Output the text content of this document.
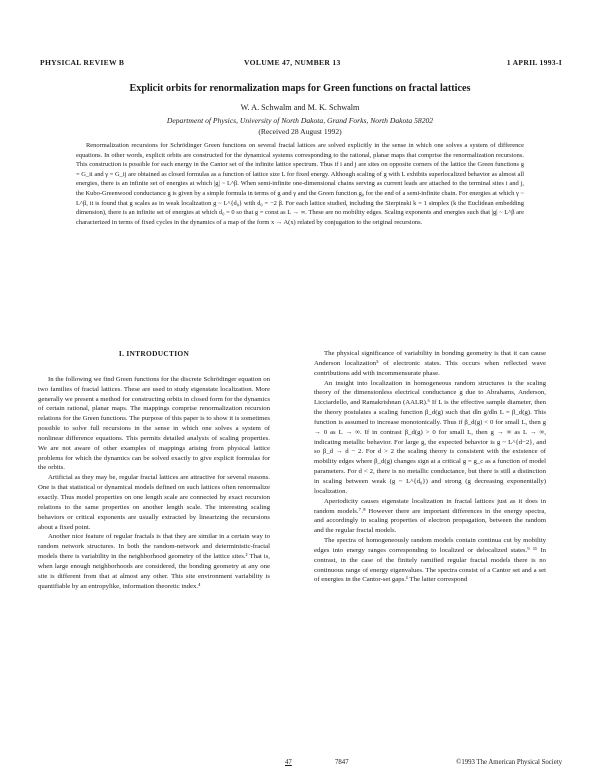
PHYSICAL REVIEW B	VOLUME 47, NUMBER 13	1 APRIL 1993-I
Explicit orbits for renormalization maps for Green functions on fractal lattices
W. A. Schwalm and M. K. Schwalm
Department of Physics, University of North Dakota, Grand Forks, North Dakota 58202
(Received 28 August 1992)
Renormalization recursions for Schrödinger Green functions on several fractal lattices are solved explicitly in the sense in which one solves a system of difference equations. In other words, explicit orbits are constructed for the dynamical systems corresponding to the rational, planar maps that comprise the renormalization recursions. This construction is possible for each energy in the Cantor set of the infinite lattice spectrum. Thus if i and j are sites on opposite corners of the lattice the Green functions g = G_ii and γ = G_ij are obtained as closed formulas as a function of lattice size L for fixed energy. Although scaling of g with L exhibits superlocalized behavior as almost all energies, there is an infinite set of energies at which |g| ~ L^β. When semi-infinite one-dimensional chains serving as current leads are attached to the terminal sites i and j, the Kubo-Greenwood conductance g is given by a simple formula in terms of g and γ and the Green function g₀ for the end of a semi-infinite chain. For energies at which γ ~ L^β, it is found that g scales as in weak localization g ~ L^{d₀} with d₀ = −2 β. For each lattice studied, including the Sierpinski k = 1 simplex (k the Euclidean embedding dimension), there is an infinite set of energies at which d₀ = 0 so that g = const as L → ∞. These are no mobility edges. Scaling exponents and energies such that |g| ~ L^β are characterized in terms of fixed cycles in the dynamics of a map of the form x → A(x) related by conjugation to the original recursions.

I. INTRODUCTION

In the following we find Green functions for the discrete Schrödinger equation on two families of fractal lattices. These are used to study eigenstate localization. More generally we present a method for constructing orbits in closed form for the dynamics of certain rational, planar maps. The mappings comprise renormalization recursion relations for the Green functions. The purpose of this paper is to show it is sometimes possible to solve full recursions in the sense in which one solves a system of nonlinear difference equations. This permits detailed analysis of scaling properties. We are not aware of other examples of mappings arising from physical lattice problems for which the dynamics can be solved exactly to give explicit formulas for the orbits.

Artificial as they may be, regular fractal lattices are attractive for several reasons. One is that statistical or dynamical models defined on such lattices often renormalize exactly. Thus model properties on one length scale are connected by exact recursion relations to the same properties on another length scale. The interesting scaling behaviors or critical exponents are usually extracted by linearizing the recursions about a fixed point.

Another nice feature of regular fractals is that they are similar in a certain way to random network structures. In both the random-network and deterministic-fractal models there is variability in the neighborhood geometry of the lattice sites.² That is, when large enough neighborhoods are considered, the bonding geometry at any one site is different from that at almost any other. This site environment variability is quantifiable by an entropylike, information theoretic index.⁴

The physical significance of variability in bonding geometry is that it can cause Anderson localization⁵ of electronic states. This occurs when reflected wave contributions add with incommensurate phase.

An insight into localization in homogeneous random structures is the scaling theory of the dimensionless electrical conductance g due to Abrahams, Anderson, Licciardello, and Ramakrishnan (AALR).⁶ If L is the effective sample diameter, then the theory postulates a scaling function β_d(g) such that dln g/dln L = β_d(g). This function is assumed to increase monotonically. Thus if β_d(g) < 0 for small L, then g → 0 as L → ∞. If in contrast β_d(g) > 0 for small L, then g → ∞ as L → ∞, indicating metallic behavior. For large g, the expected behavior is g ~ L^{d−2}, and so β_d → d − 2. For d > 2 the scaling theory is consistent with the existence of mobility edges where β_d(g) changes sign at a critical g = g_c as a function of model parameters. For d < 2, there is no metallic conductance, but there is still a distinction in scaling between weak (g ~ L^{d₀}) and strong (g decreasing exponentially) localization.

Aperiodicity causes eigenstate localization in fractal lattices just as it does in random models.⁷˒⁸ However there are important differences in the energy spectra, and accordingly in scaling properties of electron propagation, between the random and the regular fractal models.

The spectra of homogeneously random models contain continua cut by mobility edges into energy ranges corresponding to localized or delocalized states.⁹ ¹¹ In contrast, in the case of the finitely ramified regular fractal models there is no continuous range of energy eigenvalues. The spectra consist of a Cantor set and a set of energies in the Cantor-set gaps.¹ The latter correspond

47	7847	©1993 The American Physical Society
